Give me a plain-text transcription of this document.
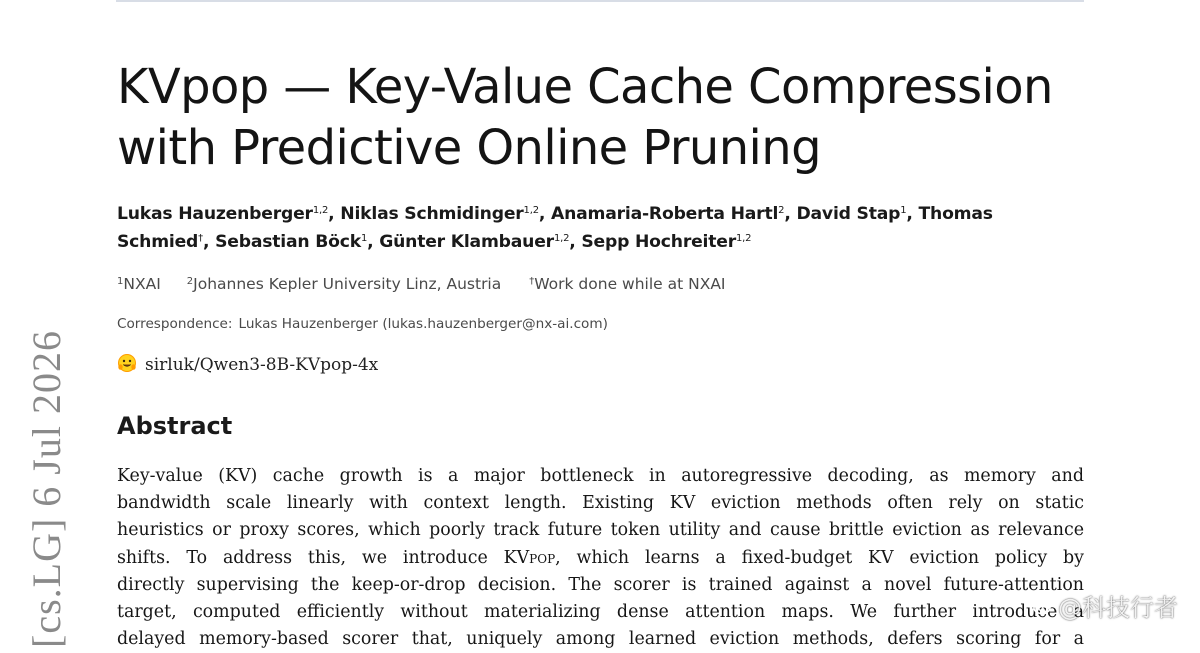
[cs.LG] 6 Jul 2026
KVpop — Key-Value Cache Compression with Predictive Online Pruning
Lukas Hauzenberger$^{1,2}$, Niklas Schmidinger$^{1,2}$, Anamaria-Roberta Hartl$^2$, David Stap$^1$, Thomas Schmied†, Sebastian Böck$^1$, Günter Klambauer$^{1,2}$, Sepp Hochreiter$^{1,2}$
$^1$NXAI	$^2$Johannes Kepler University Linz, Austria	†Work done while at NXAI
Correspondence: Lukas Hauzenberger (lukas.hauzenberger@nx-ai.com)
sirluk/Qwen3-8B-KVpop-4x
Abstract
Key-value (KV) cache growth is a major bottleneck in autoregressive decoding, as memory and
bandwidth scale linearly with context length. Existing KV eviction methods often rely on static
heuristics or proxy scores, which poorly track future token utility and cause brittle eviction as relevance
shifts. To address this, we introduce KVpop, which learns a fixed-budget KV eviction policy by
directly supervising the keep-or-drop decision. The scorer is trained against a novel future-attention
target, computed efficiently without materializing dense attention maps. We further introduce a
delayed memory-based scorer that, uniquely among learned eviction methods, defers scoring for a
@科技行者
